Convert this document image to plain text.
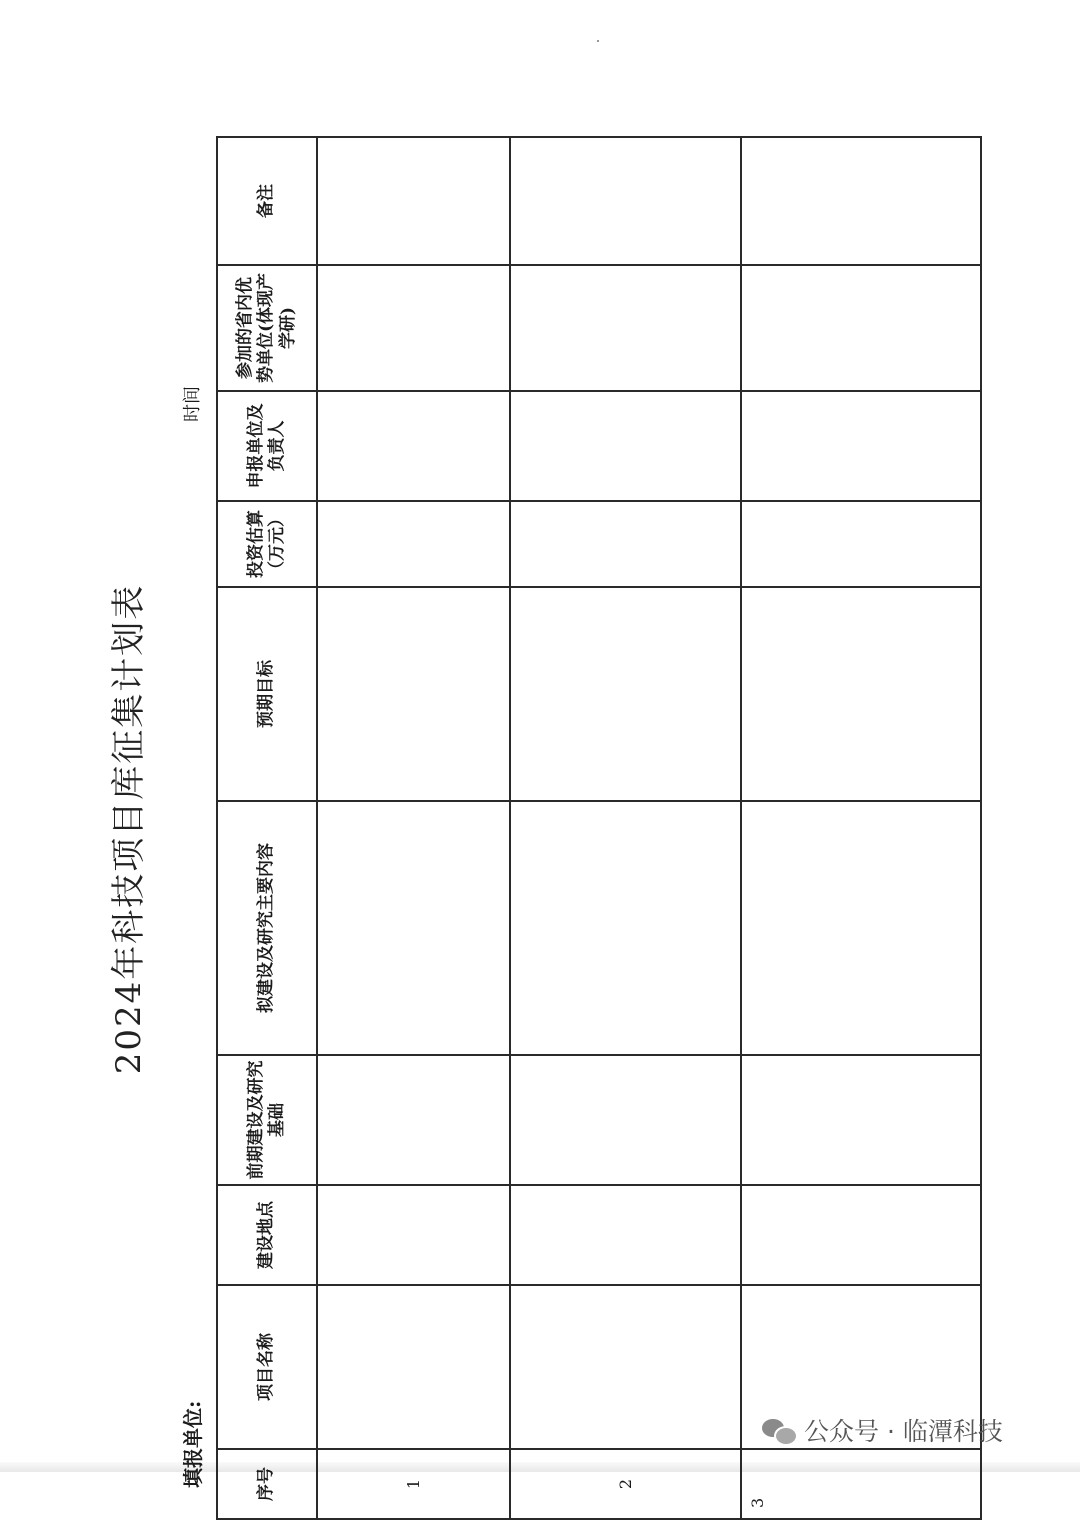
2024年科技项目库征集计划表
填报单位:
时间
序号	项目名称	建设地点	前期建设及研究基础	拟建设及研究主要内容	预期目标	投资估算（万元）	申报单位及负责人	参加的省内优势单位(体现产学研)	备注
1									
2									
3									
公众号 · 临潭科技
